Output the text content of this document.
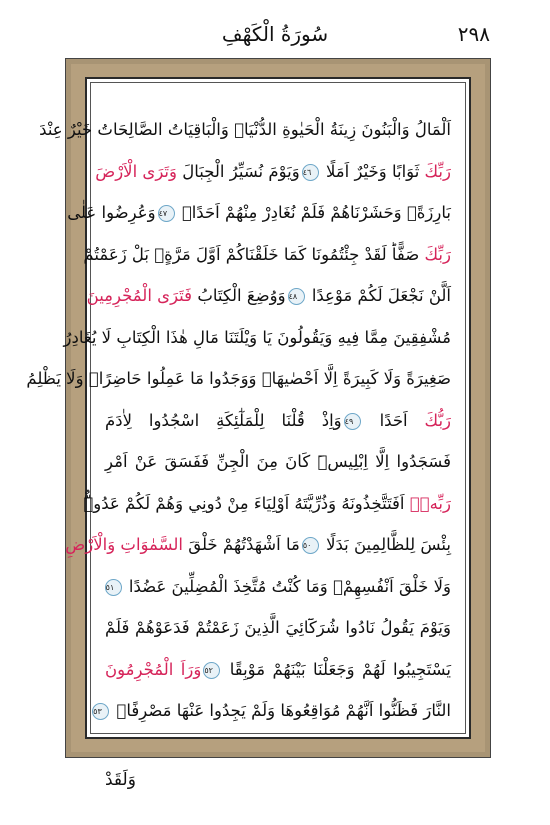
سُورَةُ الْكَهْفِ	٢٩٨
اَلْمَالُ وَالْبَنُونَ زِينَةُ الْحَيٰوةِ الدُّنْيَاۚ وَالْبَاقِيَاتُ الصَّالِحَاتُ خَيْرٌ عِنْدَ
رَبِّكَ ثَوَابًا وَخَيْرٌ اَمَلًا ٤٦وَيَوْمَ نُسَيِّرُ الْجِبَالَ وَتَرَى الْاَرْضَ
بَارِزَةًۙ وَحَشَرْنَاهُمْ فَلَمْ نُغَادِرْ مِنْهُمْ اَحَدًاۚ ٤٧وَعُرِضُوا عَلٰى
رَبِّكَ صَفًّاؕ لَقَدْ جِئْتُمُونَا كَمَا خَلَقْنَاكُمْ اَوَّلَ مَرَّةٍۘ بَلْ زَعَمْتُمْ
اَلَّنْ نَجْعَلَ لَكُمْ مَوْعِدًا ٤٨وَوُضِعَ الْكِتَابُ فَتَرَى الْمُجْرِمِينَ
مُشْفِقِينَ مِمَّا فِيهِ وَيَقُولُونَ يَا وَيْلَتَنَا مَالِ هٰذَا الْكِتَابِ لَا يُغَادِرُ
صَغِيرَةً وَلَا كَبِيرَةً اِلَّا اَحْصٰيهَاۚ وَوَجَدُوا مَا عَمِلُوا حَاضِرًاۜ وَلَا يَظْلِمُ
رَبُّكَ اَحَدًا ٤٩وَاِذْ قُلْنَا لِلْمَلٰٓئِكَةِ اسْجُدُوا لِاٰدَمَ
فَسَجَدُوا اِلَّا اِبْلِيسَۜ كَانَ مِنَ الْجِنِّ فَفَسَقَ عَنْ اَمْرِ
رَبِّهٖۜ اَفَتَتَّخِذُونَهُ وَذُرِّيَّتَهُ اَوْلِيَاءَ مِنْ دُونِي وَهُمْ لَكُمْ عَدُوٌّۜ
بِئْسَ لِلظَّالِمِينَ بَدَلًا ٥٠مَا اَشْهَدْتُهُمْ خَلْقَ السَّمٰوَاتِ وَالْاَرْضِ
وَلَا خَلْقَ اَنْفُسِهِمْۖ وَمَا كُنْتُ مُتَّخِذَ الْمُضِلِّينَ عَضُدًا ٥١
وَيَوْمَ يَقُولُ نَادُوا شُرَكَٓائِيَ الَّذِينَ زَعَمْتُمْ فَدَعَوْهُمْ فَلَمْ
يَسْتَجِيبُوا لَهُمْ وَجَعَلْنَا بَيْنَهُمْ مَوْبِقًا ٥٢وَرَاَ الْمُجْرِمُونَ
النَّارَ فَظَنُّوا اَنَّهُمْ مُوَاقِعُوهَا وَلَمْ يَجِدُوا عَنْهَا مَصْرِفًاۜ ٥٣
وَلَقَدْ
